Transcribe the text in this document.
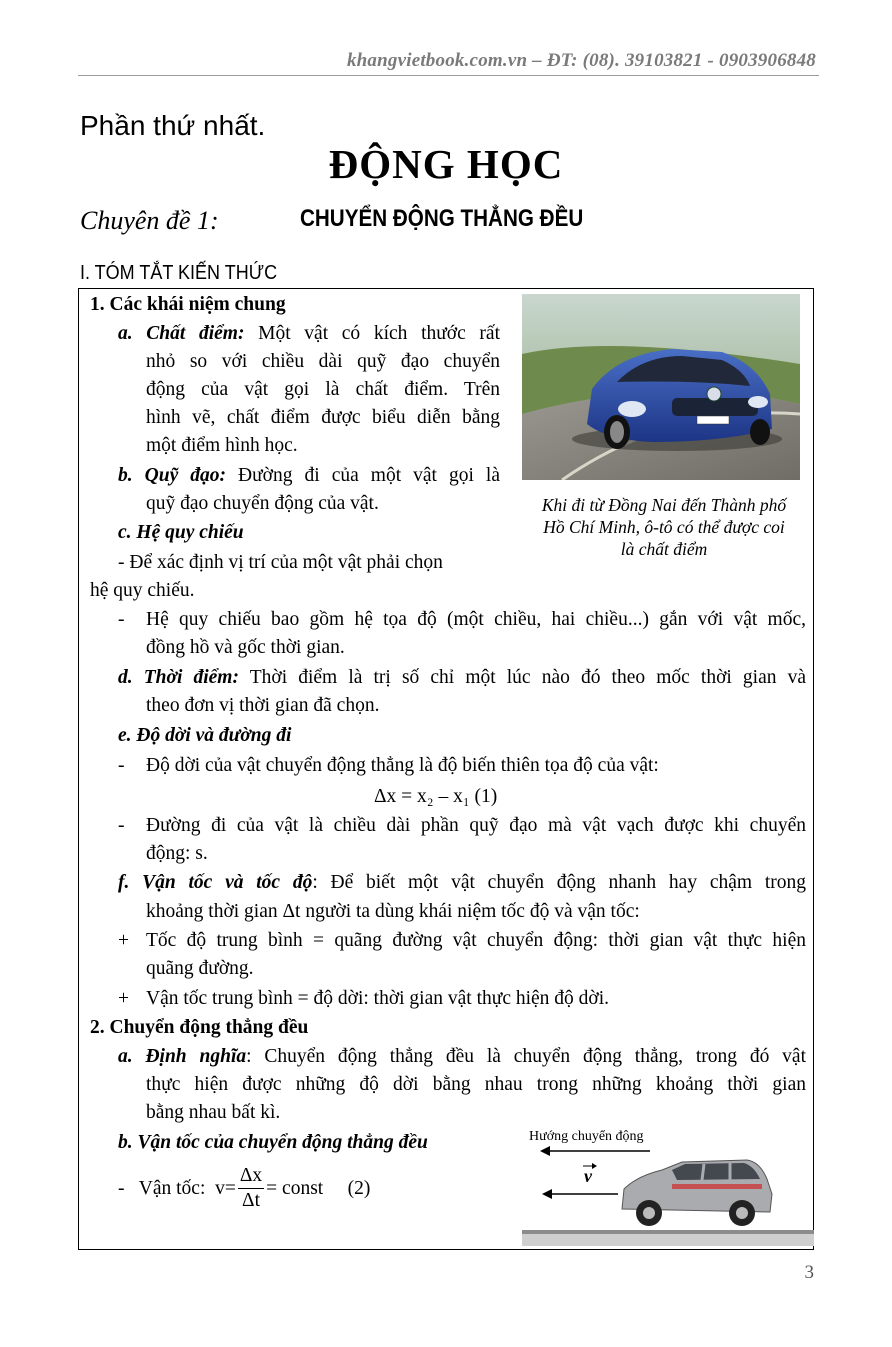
khangvietbook.com.vn – ĐT: (08). 39103821 - 0903906848
Phần thứ nhất.
ĐỘNG HỌC
Chuyên đề 1:	CHUYỂN ĐỘNG THẲNG ĐỀU
I. TÓM TẮT KIẾN THỨC
Khi đi từ Đồng Nai đến Thành phố
Hồ Chí Minh, ô-tô có thể được coi
là chất điểm
1. Các khái niệm chung
a. Chất điểm: Một vật có kích thước rất
nhỏ so với chiều dài quỹ đạo chuyển
động của vật gọi là chất điểm. Trên
hình vẽ, chất điểm được biểu diễn bằng
một điểm hình học.
b. Quỹ đạo: Đường đi của một vật gọi là
quỹ đạo chuyển động của vật.
c. Hệ quy chiếu
- Để xác định vị trí của một vật phải chọn
hệ quy chiếu.
- Hệ quy chiếu bao gồm hệ tọa độ (một chiều, hai chiều...) gắn với vật mốc,
đồng hồ và gốc thời gian.
d. Thời điểm: Thời điểm là trị số chỉ một lúc nào đó theo mốc thời gian và
theo đơn vị thời gian đã chọn.
e. Độ dời và đường đi
- Độ dời của vật chuyển động thẳng là độ biến thiên tọa độ của vật:
Δx = x₂ – x₁ (1)
- Đường đi của vật là chiều dài phần quỹ đạo mà vật vạch được khi chuyển
động: s.
f. Vận tốc và tốc độ: Để biết một vật chuyển động nhanh hay chậm trong
khoảng thời gian Δt người ta dùng khái niệm tốc độ và vận tốc:
+ Tốc độ trung bình = quãng đường vật chuyển động: thời gian vật thực hiện
quãng đường.
+ Vận tốc trung bình = độ dời: thời gian vật thực hiện độ dời.
2. Chuyển động thẳng đều
a. Định nghĩa: Chuyển động thẳng đều là chuyển động thẳng, trong đó vật
thực hiện được những độ dời bằng nhau trong những khoảng thời gian
bằng nhau bất kì.
b. Vận tốc của chuyển động thẳng đều
-   Vận tốc:  $v= \frac{\Delta x}{\Delta t}$ = const     (2)
Hướng chuyển động
v
3
